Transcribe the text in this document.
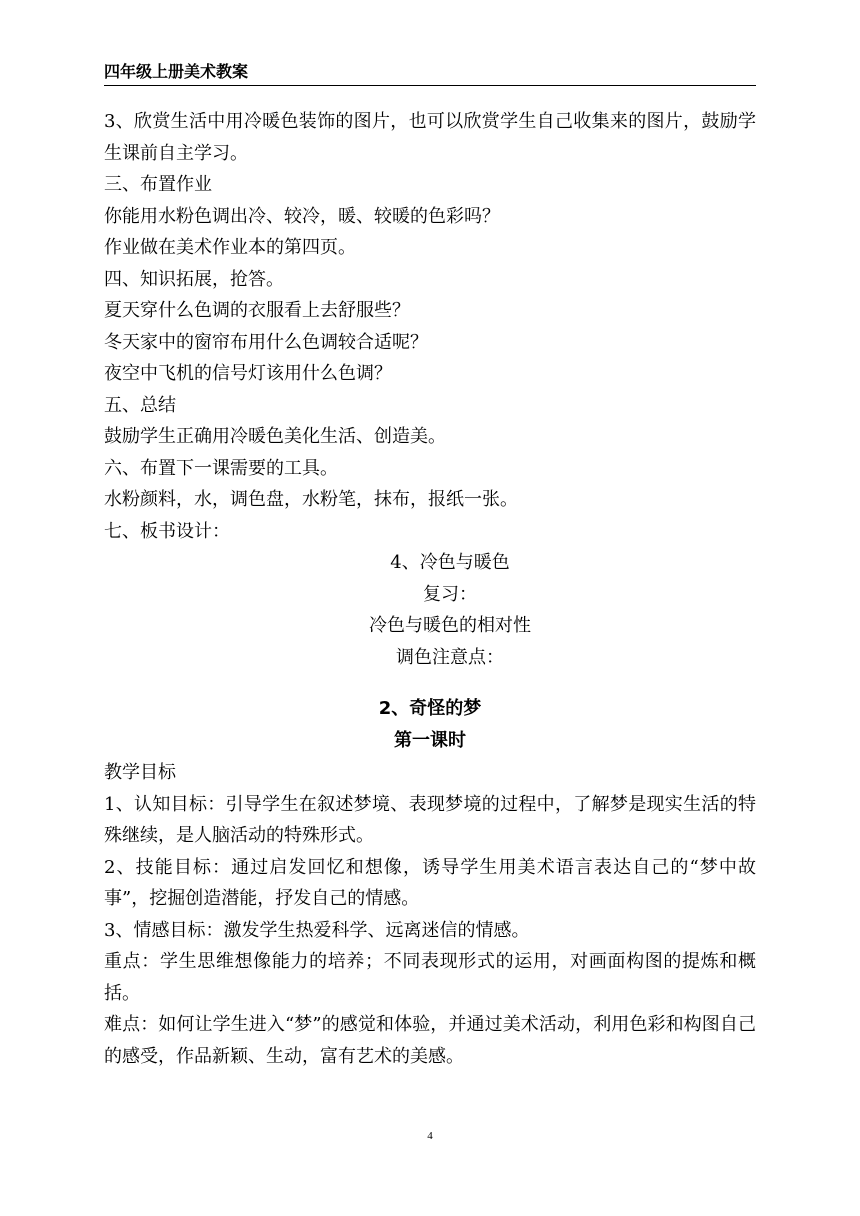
四年级上册美术教案
3、欣赏生活中用冷暖色装饰的图片，也可以欣赏学生自己收集来的图片，鼓励学生课前自主学习。
三、布置作业
你能用水粉色调出冷、较冷，暖、较暖的色彩吗？
作业做在美术作业本的第四页。
四、知识拓展，抢答。
夏天穿什么色调的衣服看上去舒服些？
冬天家中的窗帘布用什么色调较合适呢？
夜空中飞机的信号灯该用什么色调？
五、总结
鼓励学生正确用冷暖色美化生活、创造美。
六、布置下一课需要的工具。
水粉颜料，水，调色盘，水粉笔，抹布，报纸一张。
七、板书设计：
4、冷色与暖色
复习：
冷色与暖色的相对性
调色注意点：
2、奇怪的梦
第一课时
教学目标
1、认知目标：引导学生在叙述梦境、表现梦境的过程中，了解梦是现实生活的特殊继续，是人脑活动的特殊形式。
2、技能目标：通过启发回忆和想像，诱导学生用美术语言表达自己的“梦中故事”，挖掘创造潜能，抒发自己的情感。
3、情感目标：激发学生热爱科学、远离迷信的情感。
重点：学生思维想像能力的培养；不同表现形式的运用，对画面构图的提炼和概括。
难点：如何让学生进入“梦”的感觉和体验，并通过美术活动，利用色彩和构图自己的感受，作品新颖、生动，富有艺术的美感。
4
